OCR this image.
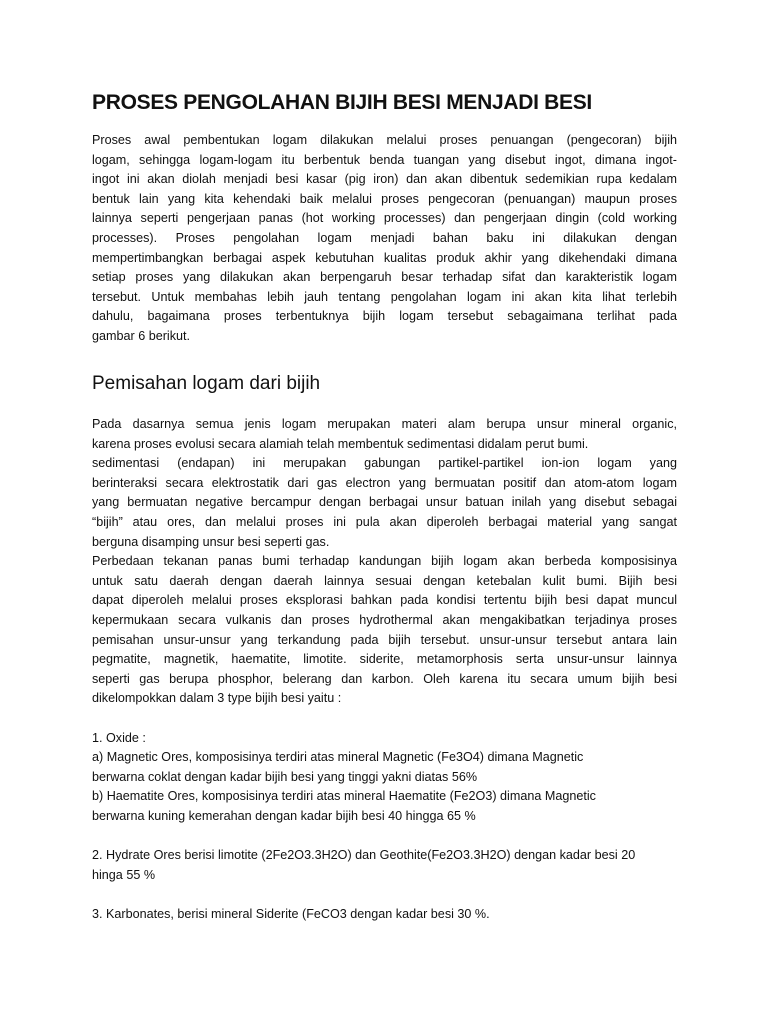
PROSES PENGOLAHAN BIJIH BESI MENJADI BESI
Proses awal pembentukan logam dilakukan melalui proses penuangan (pengecoran) bijih
logam, sehingga logam-logam itu berbentuk benda tuangan yang disebut ingot, dimana ingot-
ingot ini akan diolah menjadi besi kasar (pig iron) dan akan dibentuk sedemikian rupa kedalam
bentuk lain yang kita kehendaki baik melalui proses pengecoran (penuangan) maupun proses
lainnya seperti pengerjaan panas (hot working processes) dan pengerjaan dingin (cold working
processes). Proses pengolahan logam menjadi bahan baku ini dilakukan dengan
mempertimbangkan berbagai aspek kebutuhan kualitas produk akhir yang dikehendaki dimana
setiap proses yang dilakukan akan berpengaruh besar terhadap sifat dan karakteristik logam
tersebut. Untuk membahas lebih jauh tentang pengolahan logam ini akan kita lihat terlebih
dahulu, bagaimana proses terbentuknya bijih logam tersebut sebagaimana terlihat pada
gambar 6 berikut.
Pemisahan logam dari bijih
Pada dasarnya semua jenis logam merupakan materi alam berupa unsur mineral organic,
karena proses evolusi secara alamiah telah membentuk sedimentasi didalam perut bumi.
sedimentasi (endapan) ini merupakan gabungan partikel-partikel ion-ion logam yang
berinteraksi secara elektrostatik dari gas electron yang bermuatan positif dan atom-atom logam
yang bermuatan negative bercampur dengan berbagai unsur batuan inilah yang disebut sebagai
“bijih” atau ores, dan melalui proses ini pula akan diperoleh berbagai material yang sangat
berguna disamping unsur besi seperti gas.
Perbedaan tekanan panas bumi terhadap kandungan bijih logam akan berbeda komposisinya
untuk satu daerah dengan daerah lainnya sesuai dengan ketebalan kulit bumi. Bijih besi
dapat diperoleh melalui proses eksplorasi bahkan pada kondisi tertentu bijih besi dapat muncul
kepermukaan secara vulkanis dan proses hydrothermal akan mengakibatkan terjadinya proses
pemisahan unsur-unsur yang terkandung pada bijih tersebut. unsur-unsur tersebut antara lain
pegmatite, magnetik, haematite, limotite. siderite, metamorphosis serta unsur-unsur lainnya
seperti gas berupa phosphor, belerang dan karbon. Oleh karena itu secara umum bijih besi
dikelompokkan dalam 3 type bijih besi yaitu :
1. Oxide :
a) Magnetic Ores, komposisinya terdiri atas mineral Magnetic (Fe3O4) dimana Magnetic
berwarna coklat dengan kadar bijih besi yang tinggi yakni diatas 56%
b) Haematite Ores, komposisinya terdiri atas mineral Haematite (Fe2O3) dimana Magnetic
berwarna kuning kemerahan dengan kadar bijih besi 40 hingga 65 %
2. Hydrate Ores berisi limotite (2Fe2O3.3H2O) dan Geothite(Fe2O3.3H2O) dengan kadar besi 20
hinga 55 %
3. Karbonates, berisi mineral Siderite (FeCO3 dengan kadar besi 30 %.
